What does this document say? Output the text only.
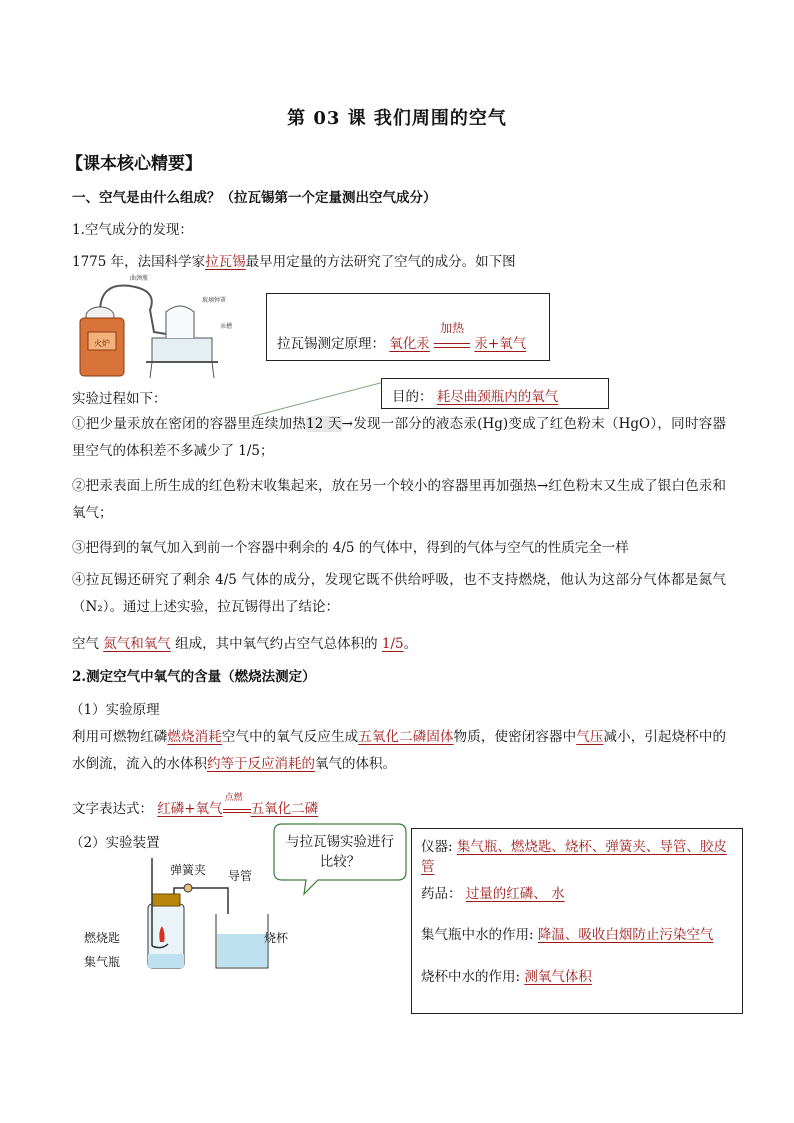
第 03 课 我们周围的空气
【课本核心精要】
一、空气是由什么组成？（拉瓦锡第一个定量测出空气成分）
1.空气成分的发现：
1775 年，法国科学家拉瓦锡最早用定量的方法研究了空气的成分。如下图
火炉
曲颈瓶
玻璃钟罩
汞槽
拉瓦锡测定原理： 氧化汞
加热
汞+氧气
实验过程如下：	目的： 耗尽曲颈瓶内的氧气
①把少量汞放在密闭的容器里连续加热12 天→发现一部分的液态汞(Hg)变成了红色粉末（HgO），同时容器里空气的体积差不多减少了 1/5；
②把汞表面上所生成的红色粉末收集起来，放在另一个较小的容器里再加强热→红色粉末又生成了银白色汞和氧气；
③把得到的氧气加入到前一个容器中剩余的 4/5 的气体中，得到的气体与空气的性质完全一样
④拉瓦锡还研究了剩余 4/5 气体的成分，发现它既不供给呼吸，也不支持燃烧，他认为这部分气体都是氮气（N₂）。通过上述实验，拉瓦锡得出了结论：
空气 氮气和氧气 组成，其中氧气约占空气总体积的 1/5。
2.测定空气中氧气的含量（燃烧法测定）
（1）实验原理
利用可燃物红磷燃烧消耗空气中的氧气反应生成五氧化二磷固体物质，使密闭容器中气压减小，引起烧杯中的水倒流，流入的水体积约等于反应消耗的氧气的体积。
文字表达式： 红磷+氧气
点燃
五氧化二磷
（2）实验装置	与拉瓦锡实验进行比较？
弹簧夹 导管
燃烧匙
集气瓶
烧杯
仪器: 集气瓶、燃烧匙、烧杯、弹簧夹、导管、胶皮管
药品： 过量的红磷、 水
集气瓶中水的作用: 降温、吸收白烟防止污染空气
烧杯中水的作用: 测氧气体积
